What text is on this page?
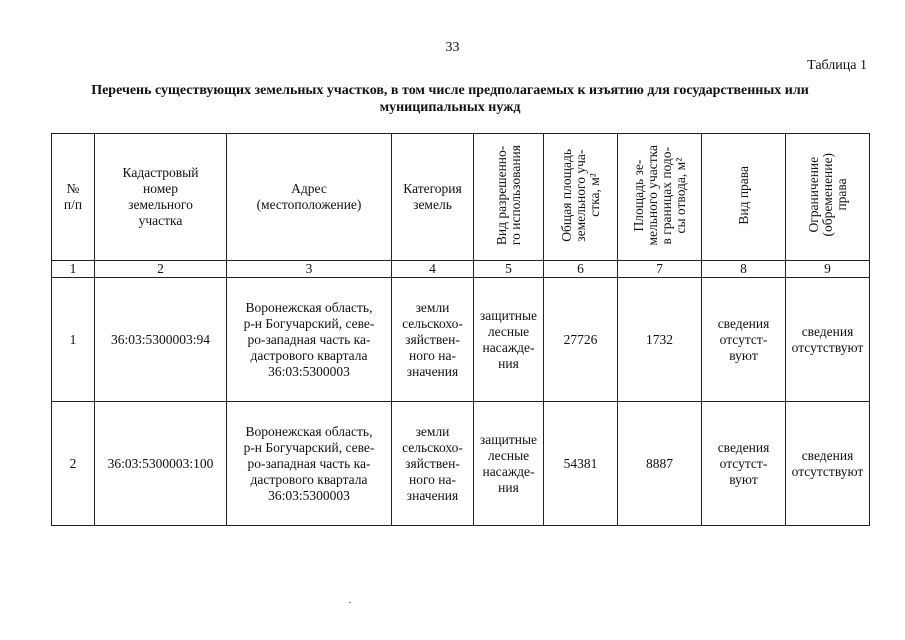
33
Таблица 1
Перечень существующих земельных участков, в том числе предполагаемых к изъятию для государственных или
муниципальных нужд
№
п/п	Кадастровый
номер
земельного
участка	Адрес
(местоположение)	Категория
земель	Вид разрешенно-
го использования	Общая площадь
земельного уча-
стка, м²	Площадь зе-
мельного участка
в границах подо-
сы отвода, м²	Вид права	Ограничение
(обременение)
права
1	2	3	4	5	6	7	8	9
1	36:03:5300003:94	Воронежская область,
р-н Богучарский, севе-
ро-западная часть ка-
дастрового квартала
36:03:5300003	земли
сельскохо-
зяйствен-
ного на-
значения	защитные
лесные
насажде-
ния	27726	1732	сведения
отсутст-
вуют	сведения
отсутствуют
2	36:03:5300003:100	Воронежская область,
р-н Богучарский, севе-
ро-западная часть ка-
дастрового квартала
36:03:5300003	земли
сельскохо-
зяйствен-
ного на-
значения	защитные
лесные
насажде-
ния	54381	8887	сведения
отсутст-
вуют	сведения
отсутствуют
